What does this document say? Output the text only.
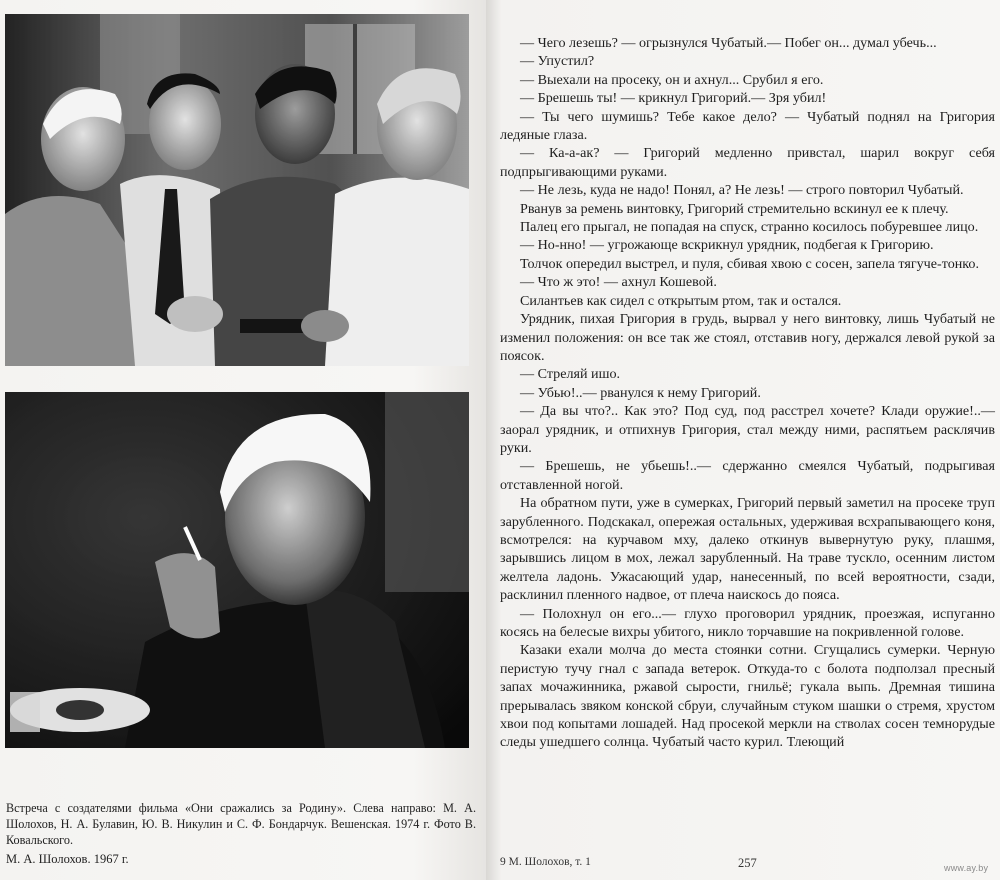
Встреча с создателями фильма «Они сражались за Родину». Слева направо: М. А. Шолохов, Н. А. Булавин, Ю. В. Никулин и С. Ф. Бондарчук. Вешенская. 1974 г. Фото В. Ковальского.
М. А. Шолохов. 1967 г.

— Чего лезешь? — огрызнулся Чубатый.— Побег он... думал убечь...

— Упустил?

— Выехали на просеку, он и ахнул... Срубил я его.

— Брешешь ты! — крикнул Григорий.— Зря убил!

— Ты чего шумишь? Тебе какое дело? — Чубатый поднял на Григория ледяные глаза.

— Ка-а-ак? — Григорий медленно привстал, шарил вокруг себя подпрыгивающими руками.

— Не лезь, куда не надо! Понял, а? Не лезь! — строго повторил Чубатый.

Рванув за ремень винтовку, Григорий стремительно вскинул ее к плечу.

Палец его прыгал, не попадая на спуск, странно косилось побуревшее лицо.

— Но-нно! — угрожающе вскрикнул урядник, подбегая к Григорию.

Толчок опередил выстрел, и пуля, сбивая хвою с сосен, запела тягуче-тонко.

— Что ж это! — ахнул Кошевой.

Силантьев как сидел с открытым ртом, так и остался.

Урядник, пихая Григория в грудь, вырвал у него винтовку, лишь Чубатый не изменил положения: он все так же стоял, отставив ногу, держался левой рукой за поясок.

— Стреляй ишо.

— Убью!..— рванулся к нему Григорий.

— Да вы что?.. Как это? Под суд, под расстрел хочете? Клади оружие!..— заорал урядник, и отпихнув Григория, стал между ними, распятьем расклячив руки.

— Брешешь, не убьешь!..— сдержанно смеялся Чубатый, подрыгивая отставленной ногой.

На обратном пути, уже в сумерках, Григорий первый заметил на просеке труп зарубленного. Подскакал, опережая остальных, удерживая всхрапывающего коня, всмотрелся: на курчавом мху, далеко откинув вывернутую руку, плашмя, зарывшись лицом в мох, лежал зарубленный. На траве тускло, осенним листом желтела ладонь. Ужасающий удар, нанесенный, по всей вероятности, сзади, расклинил пленного надвое, от плеча наискось до пояса.

— Полохнул он его...— глухо проговорил урядник, проезжая, испуганно косясь на белесые вихры убитого, никло торчавшие на покривленной голове.

Казаки ехали молча до места стоянки сотни. Сгущались сумерки. Черную перистую тучу гнал с запада ветерок. Откуда-то с болота подползал пресный запах мочажинника, ржавой сырости, гнильё; гукала выпь. Дремная тишина прерывалась звяком конской сбруи, случайным стуком шашки о стремя, хрустом хвои под копытами лошадей. Над просекой меркли на стволах сосен темнорудые следы ушедшего солнца. Чубатый часто курил. Тлеющий

9 М. Шолохов, т. 1	257	www.ay.by
